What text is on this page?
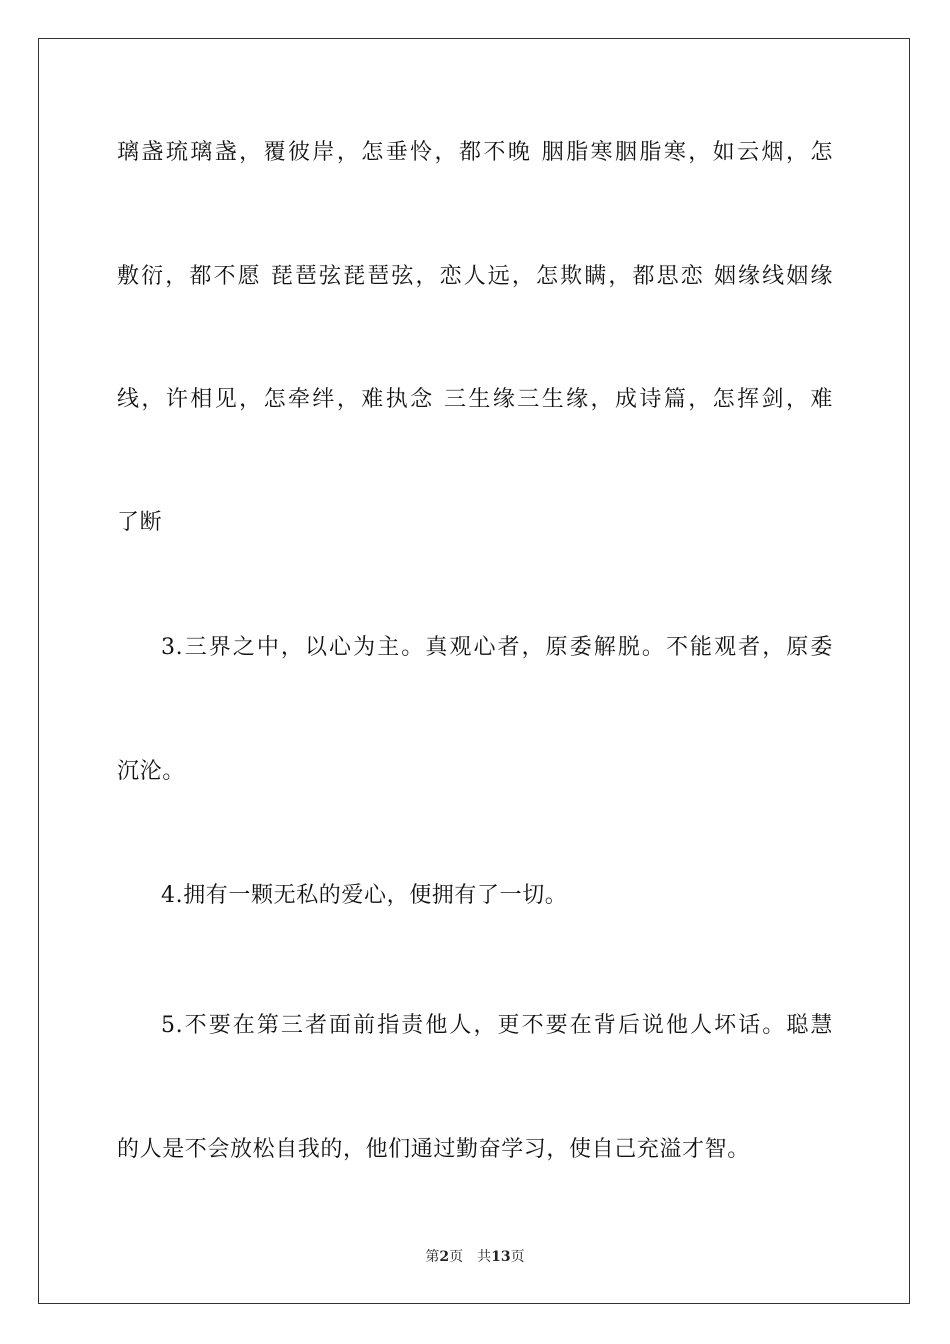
璃盏琉璃盏，覆彼岸，怎垂怜，都不晚 胭脂寒胭脂寒，如云烟，怎
敷衍，都不愿 琵琶弦琵琶弦，恋人远，怎欺瞒，都思恋 姻缘线姻缘
线，许相见，怎牵绊，难执念 三生缘三生缘，成诗篇，怎挥剑，难
了断
3.三界之中，以心为主。真观心者，原委解脱。不能观者，原委
沉沦。
4.拥有一颗无私的爱心，便拥有了一切。
5.不要在第三者面前指责他人，更不要在背后说他人坏话。聪慧
的人是不会放松自我的，他们通过勤奋学习，使自己充溢才智。
第2页 共13页
